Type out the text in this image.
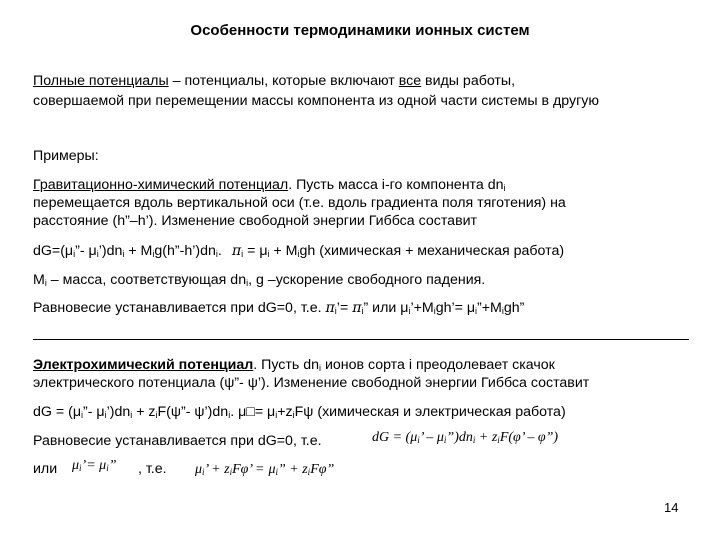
Особенности термодинамики ионных систем
Полные потенциалы – потенциалы, которые включают все виды работы,
совершаемой при перемещении массы компонента из одной части системы в другую
Примеры:
Гравитационно-химический потенциал. Пусть масса i-го компонента $dn_i$
перемещается вдоль вертикальной оси (т.е. вдоль градиента поля тяготения) на
расстояние (h”–h’). Изменение свободной энергии Гиббса составит
$dG=(\mu_i”-$ $\mu_i’)dn_i$ + $M_ig(h”-h’)dn_i$. $\pi_i = \mu_i + M_igh$ (химическая + механическая работа)
$M_i$ – масса, соответствующая $dn_i$, g –ускорение свободного падения.
Равновесие устанавливается при dG=0, т.е. $\pi_i’= \pi_i$” или $\mu_i’+M_igh’=$ $\mu_i”+M_igh$”
Электрохимический потенциал. Пусть $dn_i$ ионов сорта i преодолевает скачок
электрического потенциала (ψ”- ψ’). Изменение свободной энергии Гиббса составит
dG = ($\mu_i”-$ $\mu_i’)dn_i$ + $z_iF(\psi”-$ $\psi’)dn_i$. μ□= $\mu_i+z_iF\psi$ (химическая и электрическая работа)
Равновесие устанавливается при dG=0, т.е.	dG = ($\mu_i$’ – $\mu_i”)dn_i + z_iF(\varphi$’ – φ”)
или $\mu_i’= \mu_i$” , т.е. $\mu_i$’ + $z_iF\varphi$’ = $\mu_i$” + $z_iF\varphi$”
14
